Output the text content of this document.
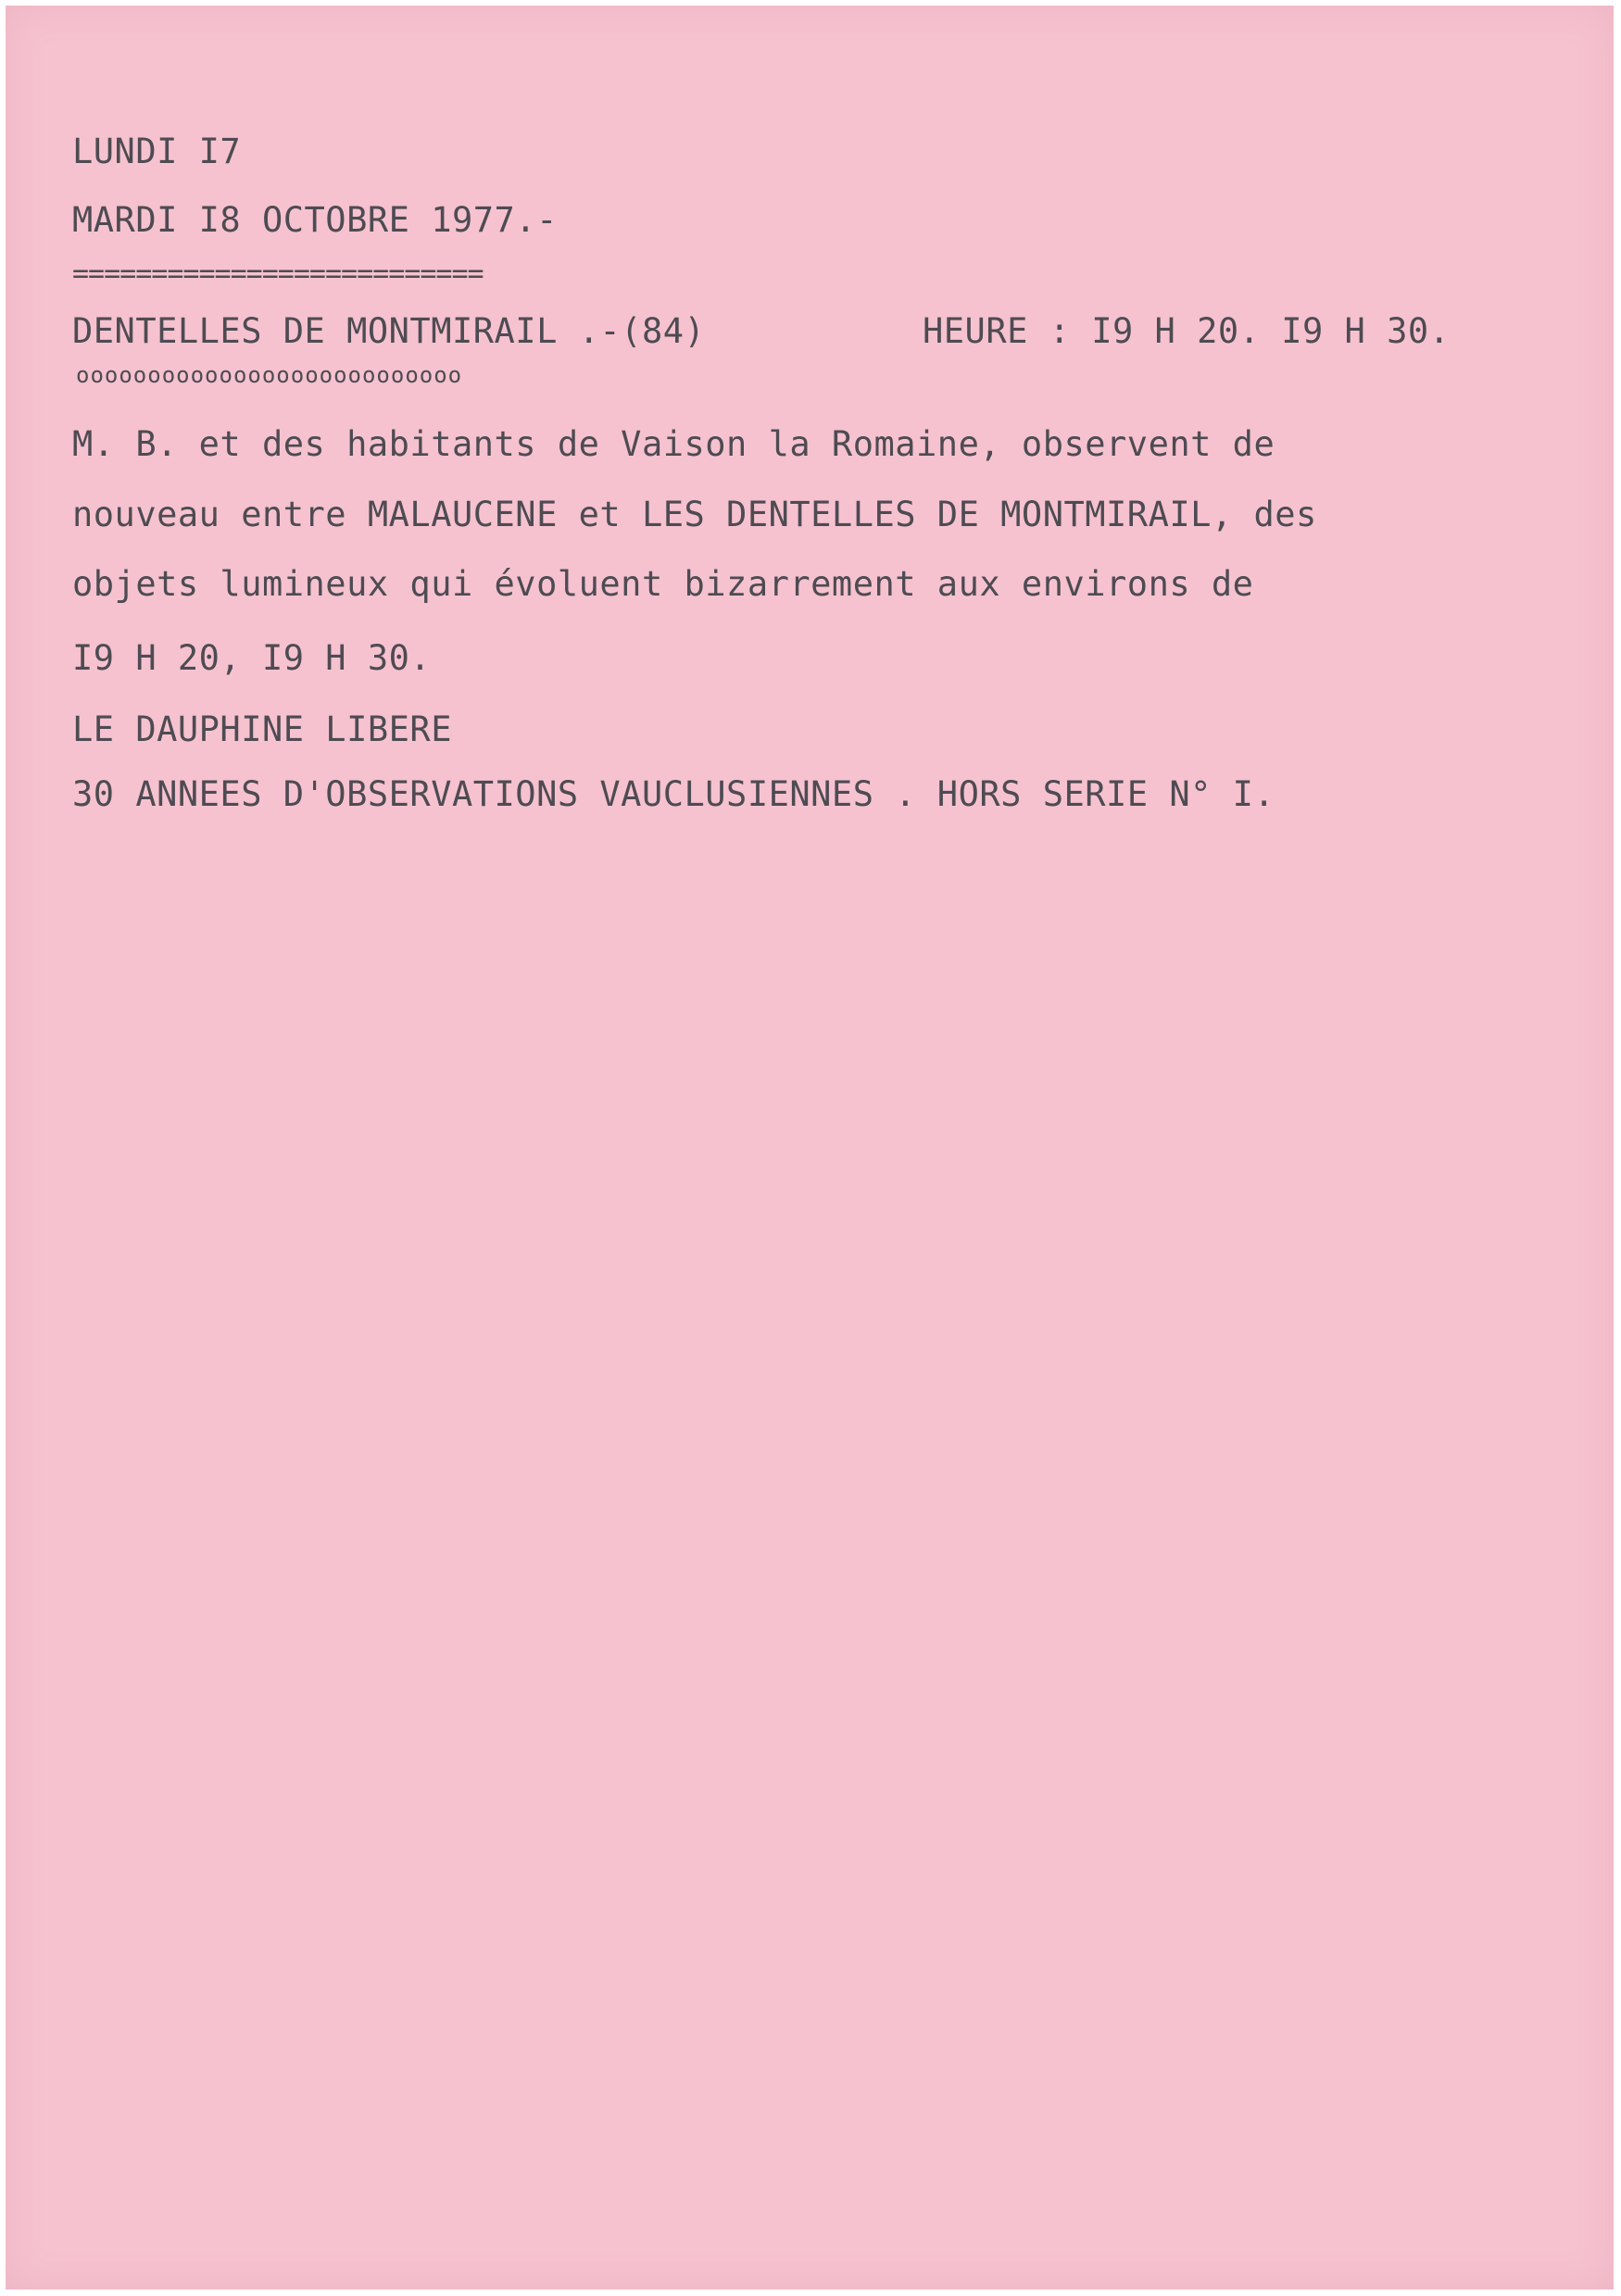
LUNDI I7
MARDI I8 OCTOBRE 1977.-
==========================
DENTELLES DE MONTMIRAIL .-(84)	HEURE : I9 H 20. I9 H 30.
ooooooooooooooooooooooooooo
M. B. et des habitants de Vaison la Romaine, observent de
nouveau entre MALAUCENE et LES DENTELLES DE MONTMIRAIL, des
objets lumineux qui évoluent bizarrement aux environs de
I9 H 20, I9 H 30.
LE DAUPHINE LIBERE
30 ANNEES D'OBSERVATIONS VAUCLUSIENNES . HORS SERIE N° I.
